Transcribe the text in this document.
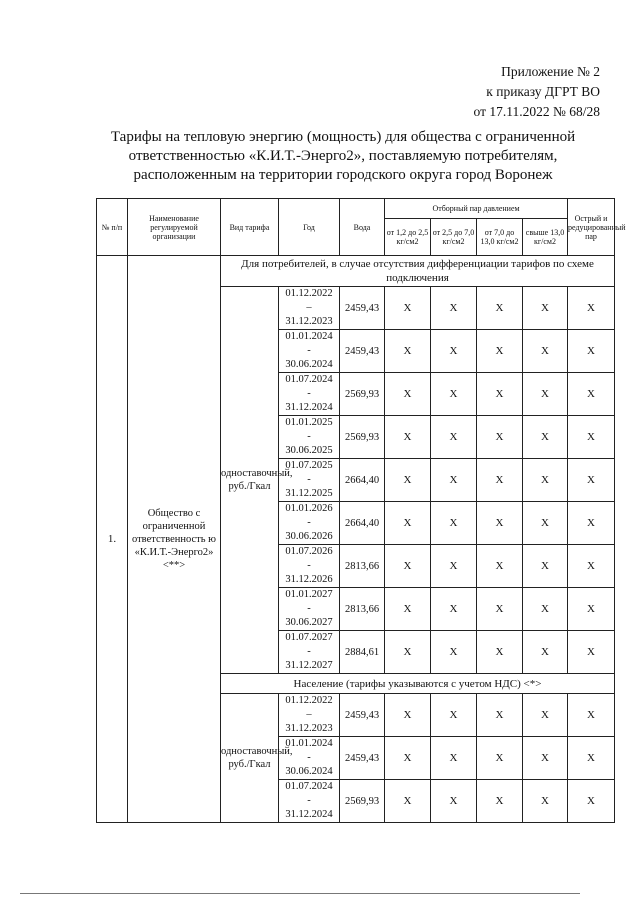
Приложение № 2
к приказу ДГРТ ВО
от 17.11.2022 № 68/28
Тарифы на тепловую энергию (мощность) для общества с ограниченной
ответственностью «К.И.Т.-Энерго2», поставляемую потребителям,
расположенным на территории городского округа город Воронеж
№ п/п	Наименование регулируемой организации	Вид тарифа	Год	Вода	Отборный пар давлением				Острый и редуцированный пар
					от 1,2 до 2,5 кг/см2	от 2,5 до 7,0 кг/см2	от 7,0 до 13,0 кг/см2	свыше 13,0 кг/см2	
1.	Общество с ограниченной ответственность ю «К.И.Т.-Энерго2» <**>	Для потребителей, в случае отсутствия дифференциации тарифов по схеме подключения							
		одноставочный, руб./Гкал	01.12.2022
–
31.12.2023	2459,43	X	X	X	X	X

			01.01.2024
-
30.06.2024	2459,43	X	X	X	X	X

			01.07.2024
-
31.12.2024	2569,93	X	X	X	X	X

			01.01.2025
-
30.06.2025	2569,93	X	X	X	X	X

			01.07.2025
-
31.12.2025	2664,40	X	X	X	X	X

			01.01.2026
-
30.06.2026	2664,40	X	X	X	X	X

			01.07.2026
-
31.12.2026	2813,66	X	X	X	X	X

			01.01.2027
-
30.06.2027	2813,66	X	X	X	X	X

			01.07.2027
-
31.12.2027	2884,61	X	X	X	X	X
		Население (тарифы указываются с учетом НДС) <*>							
		одноставочный, руб./Гкал	01.12.2022
–
31.12.2023	2459,43	X	X	X	X	X

			01.01.2024
-
30.06.2024	2459,43	X	X	X	X	X

			01.07.2024
-
31.12.2024	2569,93	X	X	X	X	X
